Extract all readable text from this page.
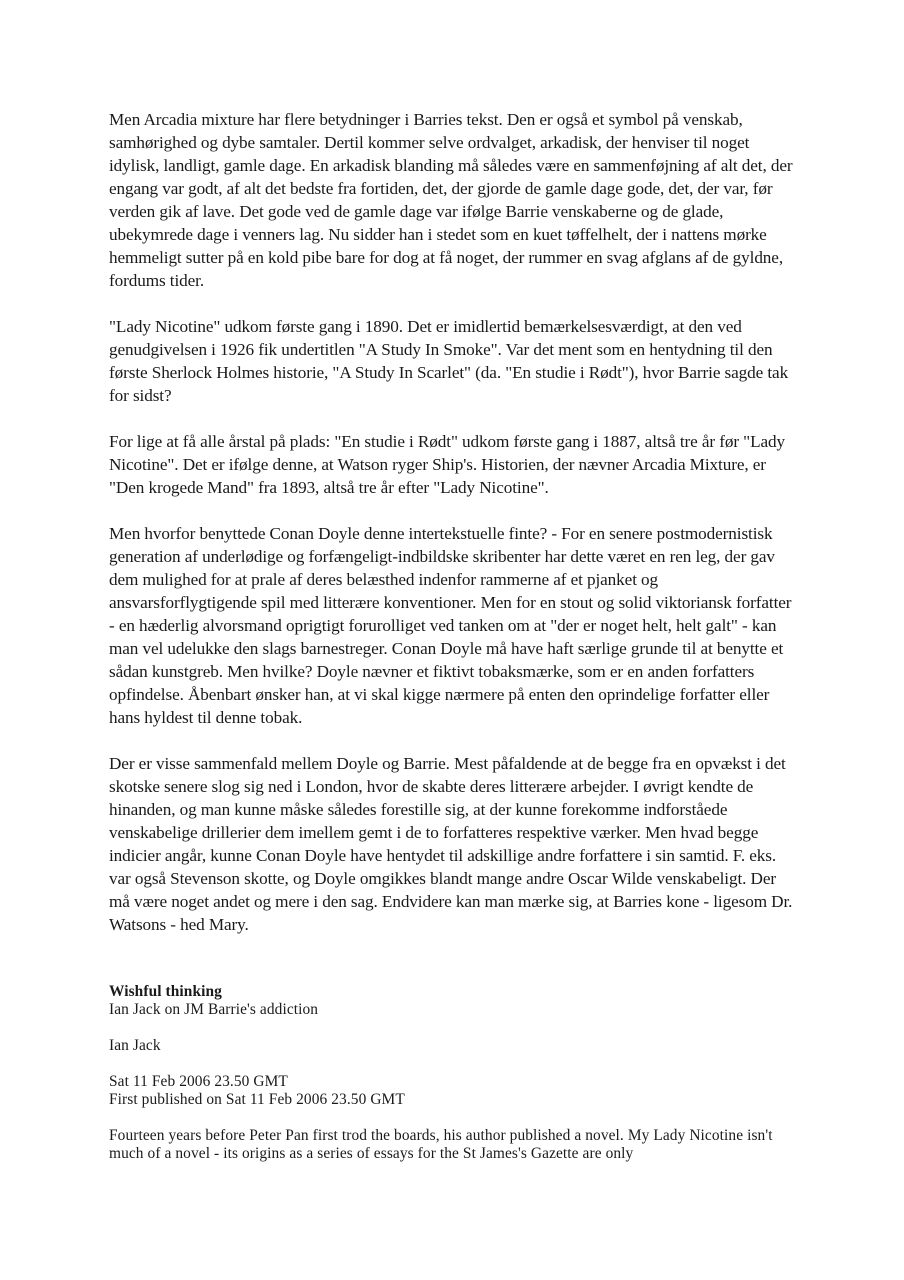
Men Arcadia mixture har flere betydninger i Barries tekst. Den er også et symbol på venskab, samhørighed og dybe samtaler. Dertil kommer selve ordvalget, arkadisk, der henviser til noget idylisk, landligt, gamle dage. En arkadisk blanding må således være en sammenføjning af alt det, der engang var godt, af alt det bedste fra fortiden, det, der gjorde de gamle dage gode, det, der var, før verden gik af lave. Det gode ved de gamle dage var ifølge Barrie venskaberne og de glade, ubekymrede dage i venners lag. Nu sidder han i stedet som en kuet tøffelhelt, der i nattens mørke hemmeligt sutter på en kold pibe bare for dog at få noget, der rummer en svag afglans af de gyldne, fordums tider.

"Lady Nicotine" udkom første gang i 1890. Det er imidlertid bemærkelsesværdigt, at den ved genudgivelsen i 1926 fik undertitlen "A Study In Smoke". Var det ment som en hentydning til den første Sherlock Holmes historie, "A Study In Scarlet" (da. "En studie i Rødt"), hvor Barrie sagde tak for sidst?

For lige at få alle årstal på plads: "En studie i Rødt" udkom første gang i 1887, altså tre år før "Lady Nicotine". Det er ifølge denne, at Watson ryger Ship's. Historien, der nævner Arcadia Mixture, er "Den krogede Mand" fra 1893, altså tre år efter "Lady Nicotine".

Men hvorfor benyttede Conan Doyle denne intertekstuelle finte? - For en senere postmodernistisk generation af underlødige og forfængeligt-indbildske skribenter har dette været en ren leg, der gav dem mulighed for at prale af deres belæsthed indenfor rammerne af et pjanket og ansvarsforflygtigende spil med litterære konventioner. Men for en stout og solid viktoriansk forfatter - en hæderlig alvorsmand oprigtigt forurolliget ved tanken om at "der er noget helt, helt galt" - kan man vel udelukke den slags barnestreger. Conan Doyle må have haft særlige grunde til at benytte et sådan kunstgreb. Men hvilke? Doyle nævner et fiktivt tobaksmærke, som er en anden forfatters opfindelse. Åbenbart ønsker han, at vi skal kigge nærmere på enten den oprindelige forfatter eller hans hyldest til denne tobak.

Der er visse sammenfald mellem Doyle og Barrie. Mest påfaldende at de begge fra en opvækst i det skotske senere slog sig ned i London, hvor de skabte deres litterære arbejder. I øvrigt kendte de hinanden, og man kunne måske således forestille sig, at der kunne forekomme indforståede venskabelige drillerier dem imellem gemt i de to forfatteres respektive værker. Men hvad begge indicier angår, kunne Conan Doyle have hentydet til adskillige andre forfattere i sin samtid. F. eks. var også Stevenson skotte, og Doyle omgikkes blandt mange andre Oscar Wilde venskabeligt. Der må være noget andet og mere i den sag. Endvidere kan man mærke sig, at Barries kone - ligesom Dr. Watsons - hed Mary.

Wishful thinking
Ian Jack on JM Barrie's addiction
Ian Jack
Sat 11 Feb 2006 23.50 GMT
First published on Sat 11 Feb 2006 23.50 GMT
Fourteen years before Peter Pan first trod the boards, his author published a novel. My Lady Nicotine isn't much of a novel - its origins as a series of essays for the St James's Gazette are only
